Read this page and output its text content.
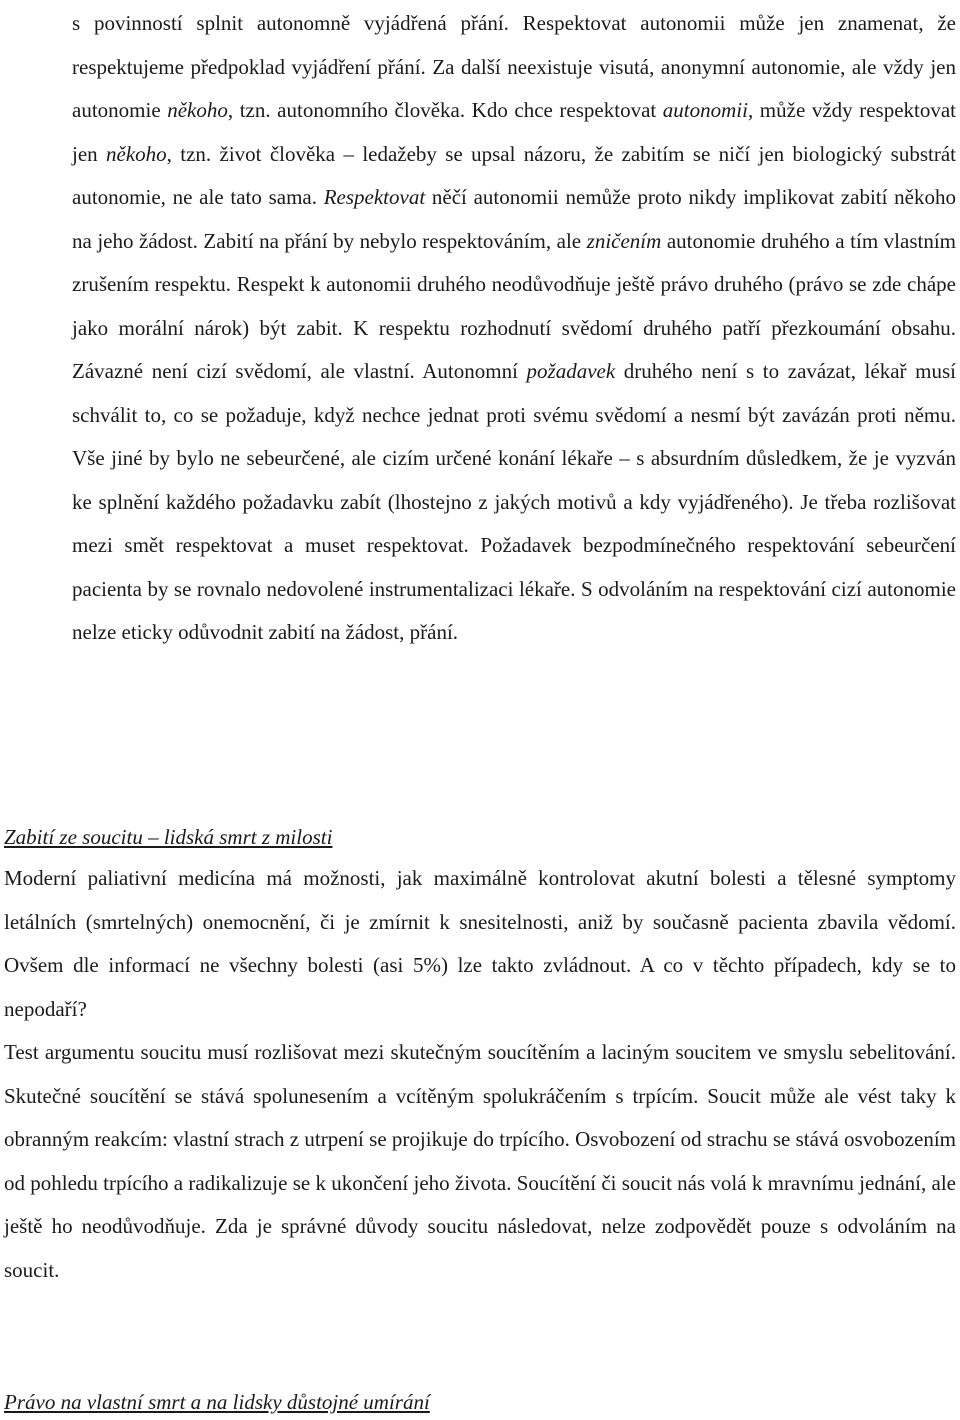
s povinností splnit autonomně vyjádřená přání. Respektovat autonomii může jen znamenat, že respektujeme předpoklad vyjádření přání. Za další neexistuje visutá, anonymní autonomie, ale vždy jen autonomie někoho, tzn. autonomního člověka. Kdo chce respektovat autonomii, může vždy respektovat jen někoho, tzn. život člověka – ledažeby se upsal názoru, že zabitím se ničí jen biologický substrát autonomie, ne ale tato sama. Respektovat něčí autonomii nemůže proto nikdy implikovat zabití někoho na jeho žádost. Zabití na přání by nebylo respektováním, ale zničením autonomie druhého a tím vlastním zrušením respektu. Respekt k autonomii druhého neodůvodňuje ještě právo druhého (právo se zde chápe jako morální nárok) být zabit. K respektu rozhodnutí svědomí druhého patří přezkoumání obsahu. Závazné není cizí svědomí, ale vlastní. Autonomní požadavek druhého není s to zavázat, lékař musí schválit to, co se požaduje, když nechce jednat proti svému svědomí a nesmí být zavázán proti němu. Vše jiné by bylo ne sebeurčené, ale cizím určené konání lékaře – s absurdním důsledkem, že je vyzván ke splnění každého požadavku zabít (lhostejno z jakých motivů a kdy vyjádřeného). Je třeba rozlišovat mezi smět respektovat a muset respektovat. Požadavek bezpodmínečného respektování sebeurčení pacienta by se rovnalo nedovolené instrumentalizaci lékaře. S odvoláním na respektování cizí autonomie nelze eticky odůvodnit zabití na žádost, přání.

Zabití ze soucitu – lidská smrt z milosti

Moderní paliativní medicína má možnosti, jak maximálně kontrolovat akutní bolesti a tělesné symptomy letálních (smrtelných) onemocnění, či je zmírnit k snesitelnosti, aniž by současně pacienta zbavila vědomí. Ovšem dle informací ne všechny bolesti (asi 5%) lze takto zvládnout. A co v těchto případech, kdy se to nepodaří?

Test argumentu soucitu musí rozlišovat mezi skutečným soucítěním a laciným soucitem ve smyslu sebelitování. Skutečné soucítění se stává spolunesením a vcítěným spolukráčením s trpícím. Soucit může ale vést taky k obranným reakcím: vlastní strach z utrpení se projikuje do trpícího. Osvobození od strachu se stává osvobozením od pohledu trpícího a radikalizuje se k ukončení jeho života. Soucítění či soucit nás volá k mravnímu jednání, ale ještě ho neodůvodňuje. Zda je správné důvody soucitu následovat, nelze zodpovědět pouze s odvoláním na soucit.

Právo na vlastní smrt a na lidsky důstojné umírání
